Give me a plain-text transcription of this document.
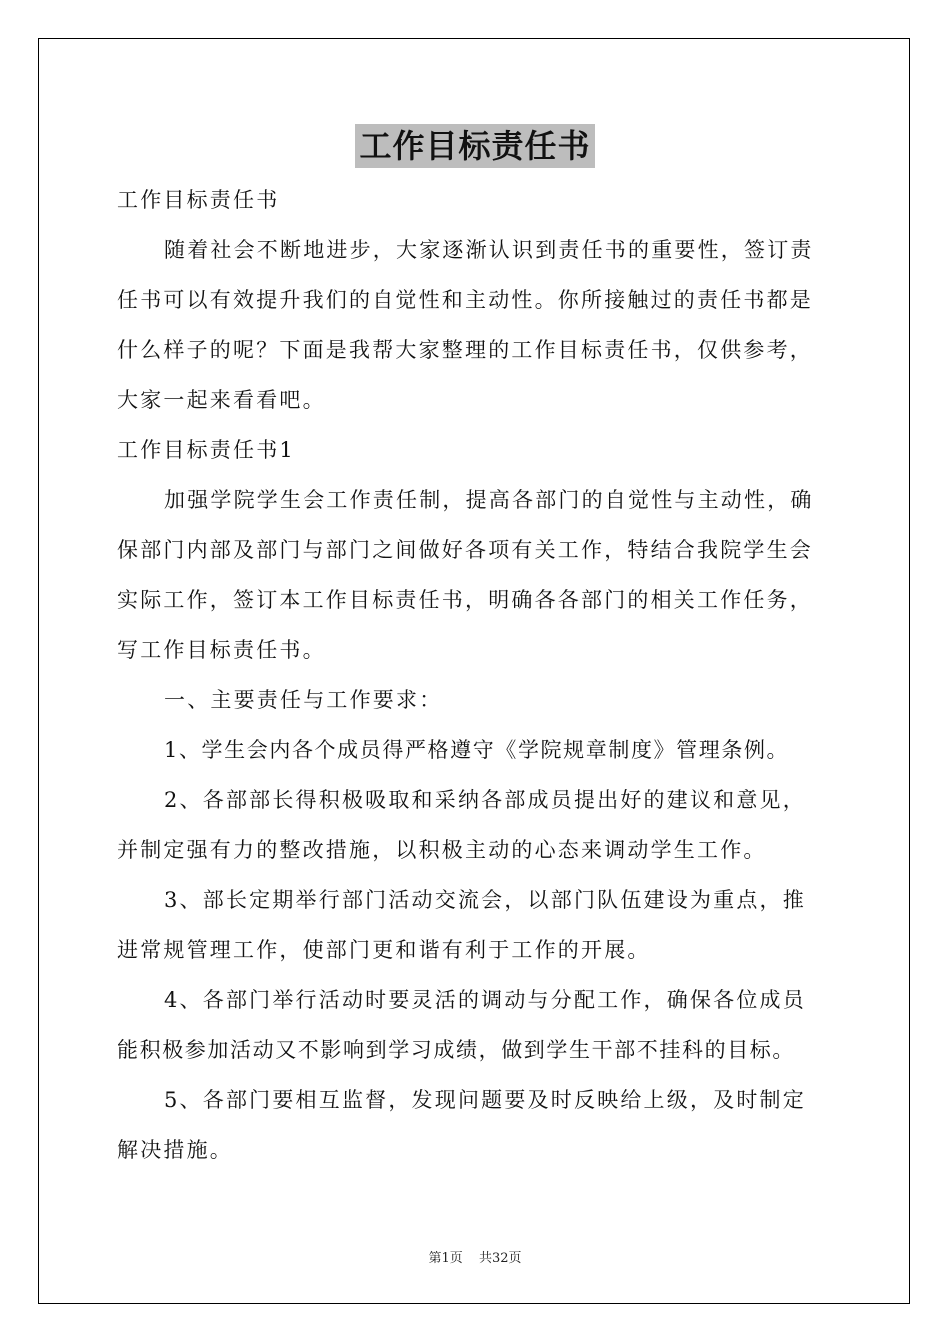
工作目标责任书
工作目标责任书
随着社会不断地进步，大家逐渐认识到责任书的重要性，签订责
任书可以有效提升我们的自觉性和主动性。你所接触过的责任书都是
什么样子的呢？下面是我帮大家整理的工作目标责任书，仅供参考，
大家一起来看看吧。
工作目标责任书1
加强学院学生会工作责任制，提高各部门的自觉性与主动性，确
保部门内部及部门与部门之间做好各项有关工作，特结合我院学生会
实际工作，签订本工作目标责任书，明确各各部门的相关工作任务，
写工作目标责任书。
一、主要责任与工作要求：
1、学生会内各个成员得严格遵守《学院规章制度》管理条例。
2、各部部长得积极吸取和采纳各部成员提出好的建议和意见，
并制定强有力的整改措施，以积极主动的心态来调动学生工作。
3、部长定期举行部门活动交流会，以部门队伍建设为重点，推
进常规管理工作，使部门更和谐有利于工作的开展。
4、各部门举行活动时要灵活的调动与分配工作，确保各位成员
能积极参加活动又不影响到学习成绩，做到学生干部不挂科的目标。
5、各部门要相互监督，发现问题要及时反映给上级，及时制定
解决措施。
第1页 共32页
